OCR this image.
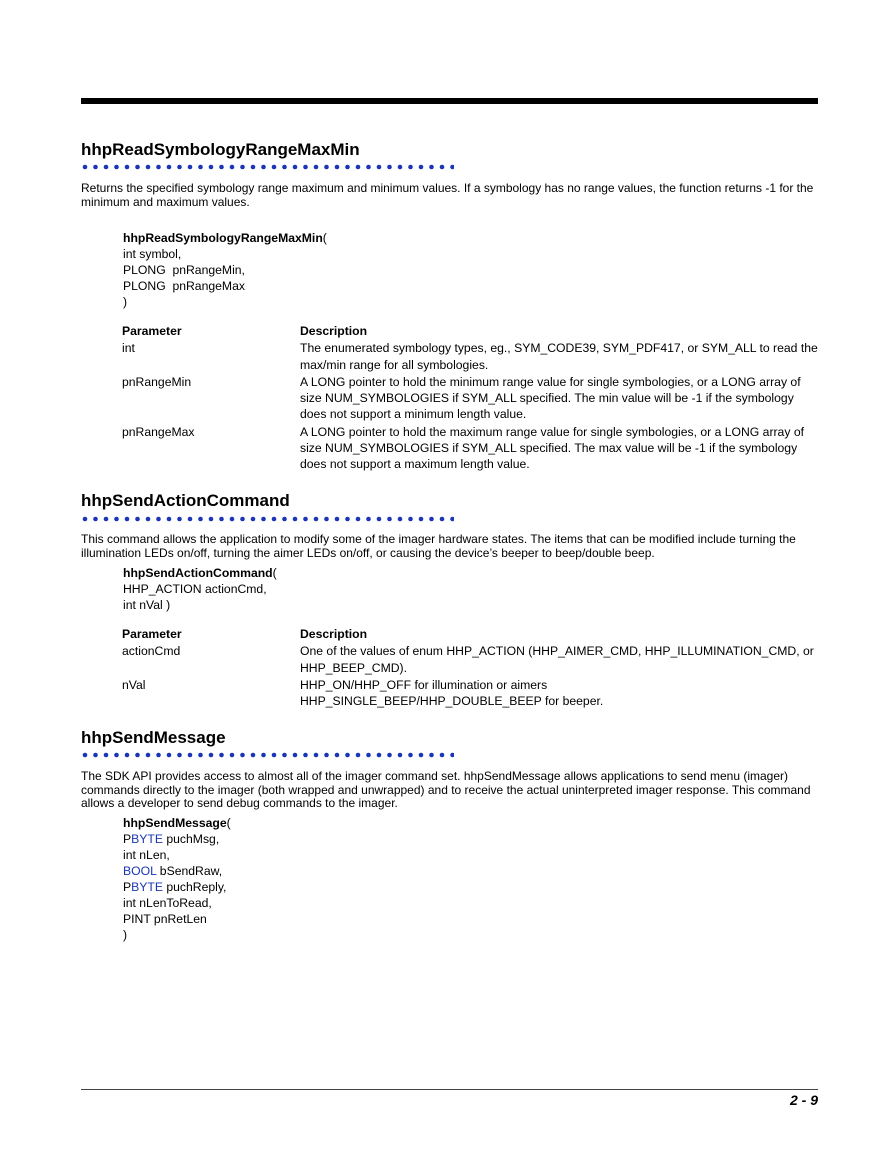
hhpReadSymbologyRangeMaxMin

Returns the specified symbology range maximum and minimum values. If a symbology has no range values, the function returns -1 for the minimum and maximum values.

hhpReadSymbologyRangeMaxMin(
int symbol,
PLONG  pnRangeMin,
PLONG  pnRangeMax
)
Parameter	Description
int	The enumerated symbology types, eg., SYM_CODE39, SYM_PDF417, or SYM_ALL to read the max/min range for all symbologies.
pnRangeMin	A LONG pointer to hold the minimum range value for single symbologies, or a LONG array of size NUM_SYMBOLOGIES if SYM_ALL specified. The min value will be -1 if the symbology does not support a minimum length value.
pnRangeMax	A LONG pointer to hold the maximum range value for single symbologies, or a LONG array of size NUM_SYMBOLOGIES if SYM_ALL specified. The max value will be -1 if the symbology does not support a maximum length value.
hhpSendActionCommand

This command allows the application to modify some of the imager hardware states. The items that can be modified include turning the illumination LEDs on/off, turning the aimer LEDs on/off, or causing the device’s beeper to beep/double beep.

hhpSendActionCommand(
HHP_ACTION actionCmd,
int nVal )
Parameter	Description
actionCmd	One of the values of enum HHP_ACTION (HHP_AIMER_CMD, HHP_ILLUMINATION_CMD, or HHP_BEEP_CMD).
nVal	HHP_ON/HHP_OFF for illumination or aimers
HHP_SINGLE_BEEP/HHP_DOUBLE_BEEP for beeper.
hhpSendMessage

The SDK API provides access to almost all of the imager command set. hhpSendMessage allows applications to send menu (imager) commands directly to the imager (both wrapped and unwrapped) and to receive the actual uninterpreted imager response. This command allows a developer to send debug commands to the imager.

hhpSendMessage(
PBYTE puchMsg,
int nLen,
BOOL bSendRaw,
PBYTE puchReply,
int nLenToRead,
PINT pnRetLen
)
2 - 9
